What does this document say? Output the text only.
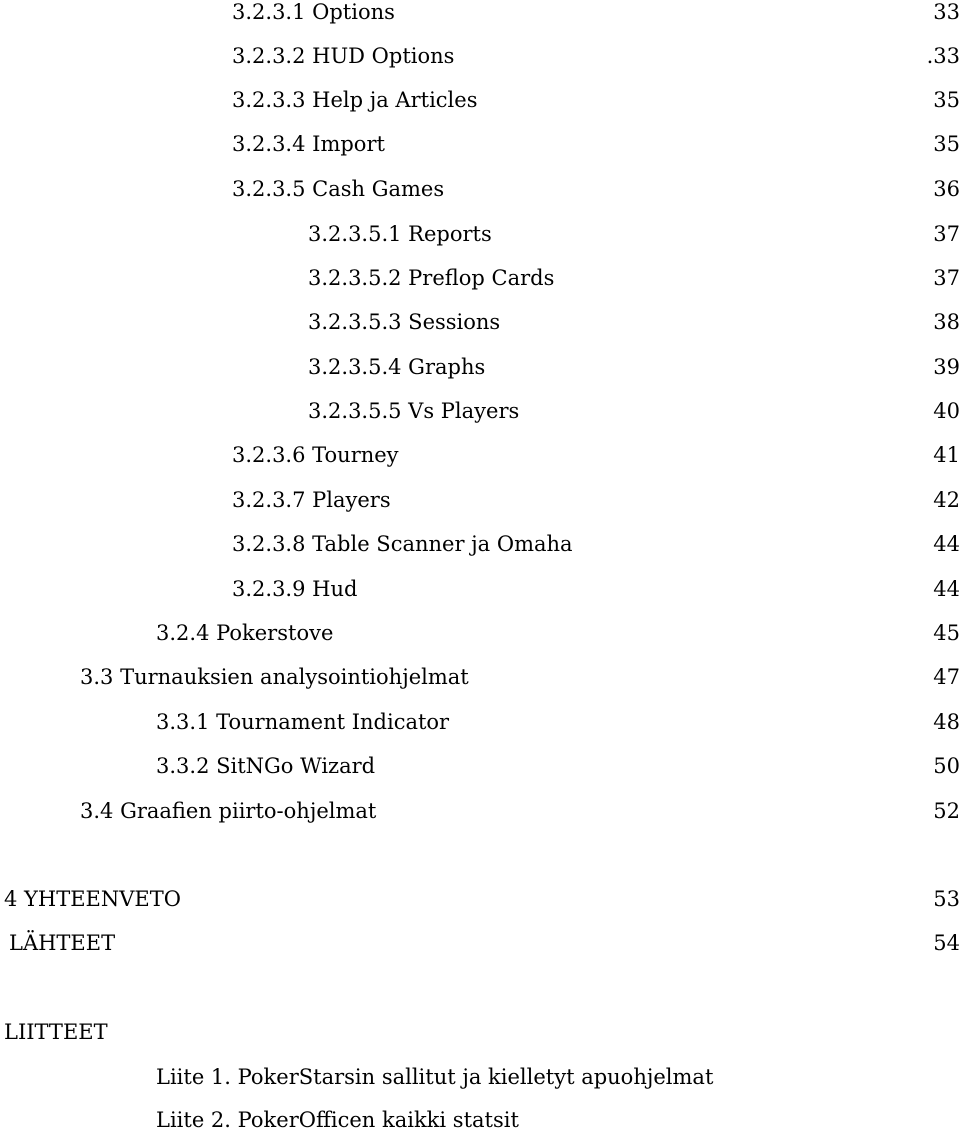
3.2.3.1 Options	33
3.2.3.2 HUD Options	.33
3.2.3.3 Help ja Articles	35
3.2.3.4 Import	35
3.2.3.5 Cash Games	36
3.2.3.5.1 Reports	37
3.2.3.5.2 Preflop Cards	37
3.2.3.5.3 Sessions	38
3.2.3.5.4 Graphs	39
3.2.3.5.5 Vs Players	40
3.2.3.6 Tourney	41
3.2.3.7 Players	42
3.2.3.8 Table Scanner ja Omaha	44
3.2.3.9 Hud	44
3.2.4 Pokerstove	45
3.3 Turnauksien analysointiohjelmat	47
3.3.1 Tournament Indicator	48
3.3.2 SitNGo Wizard	50
3.4 Graafien piirto-ohjelmat	52
4 YHTEENVETO	53
LÄHTEET	54
LIITTEET
Liite 1. PokerStarsin sallitut ja kielletyt apuohjelmat
Liite 2. PokerOfficen kaikki statsit
